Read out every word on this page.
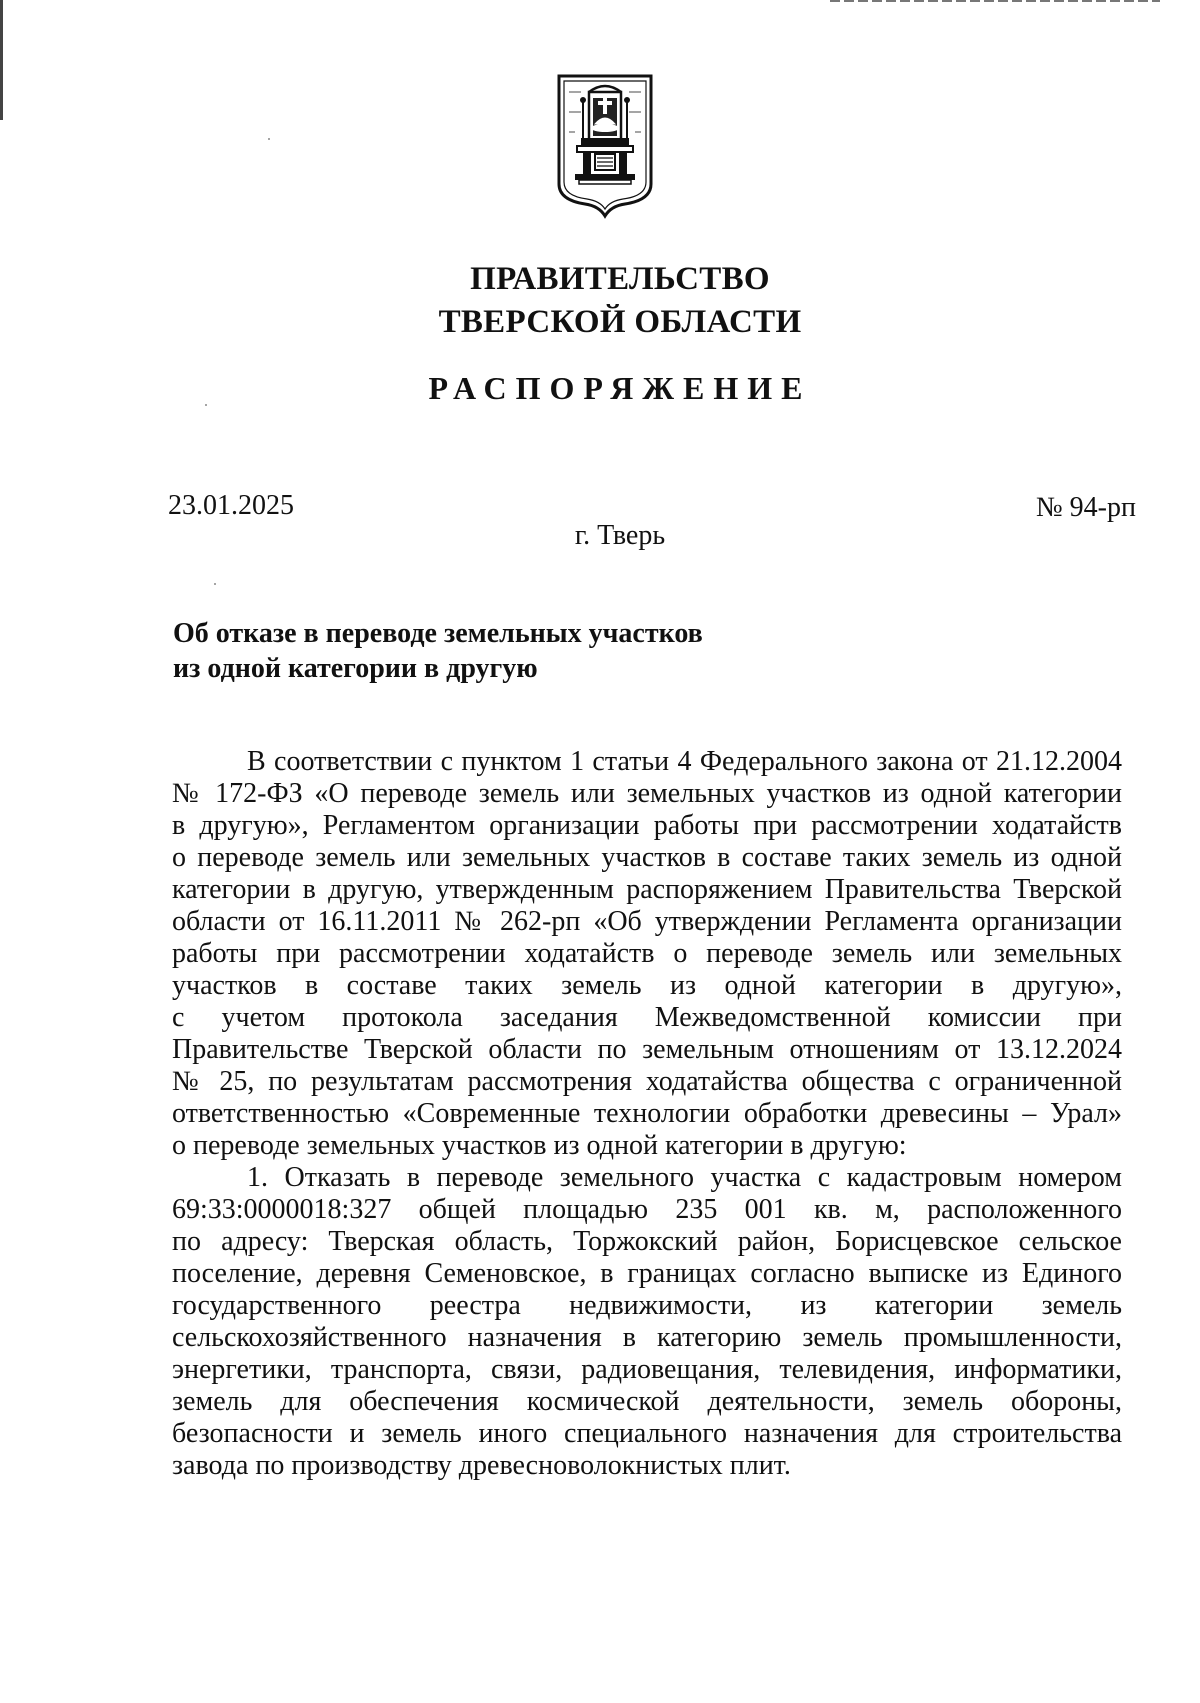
ПРАВИТЕЛЬСТВО
ТВЕРСКОЙ ОБЛАСТИ
РАСПОРЯЖЕНИЕ
23.01.2025	№ 94-рп
г. Тверь
Об отказе в переводе земельных участков
из одной категории в другую
В соответствии с пунктом 1 статьи 4 Федерального закона от 21.12.2004
№ 172-ФЗ «О переводе земель или земельных участков из одной категории
в другую», Регламентом организации работы при рассмотрении ходатайств
о переводе земель или земельных участков в составе таких земель из одной
категории в другую, утвержденным распоряжением Правительства Тверской
области от 16.11.2011 № 262-рп «Об утверждении Регламента организации
работы при рассмотрении ходатайств о переводе земель или земельных
участков в составе таких земель из одной категории в другую»,
с учетом протокола заседания Межведомственной комиссии при
Правительстве Тверской области по земельным отношениям от 13.12.2024
№ 25, по результатам рассмотрения ходатайства общества с ограниченной
ответственностью «Современные технологии обработки древесины – Урал»
о переводе земельных участков из одной категории в другую:
1. Отказать в переводе земельного участка с кадастровым номером
69:33:0000018:327 общей площадью 235 001 кв. м, расположенного
по адресу: Тверская область, Торжокский район, Борисцевское сельское
поселение, деревня Семеновское, в границах согласно выписке из Единого
государственного реестра недвижимости, из категории земель
сельскохозяйственного назначения в категорию земель промышленности,
энергетики, транспорта, связи, радиовещания, телевидения, информатики,
земель для обеспечения космической деятельности, земель обороны,
безопасности и земель иного специального назначения для строительства
завода по производству древесноволокнистых плит.
